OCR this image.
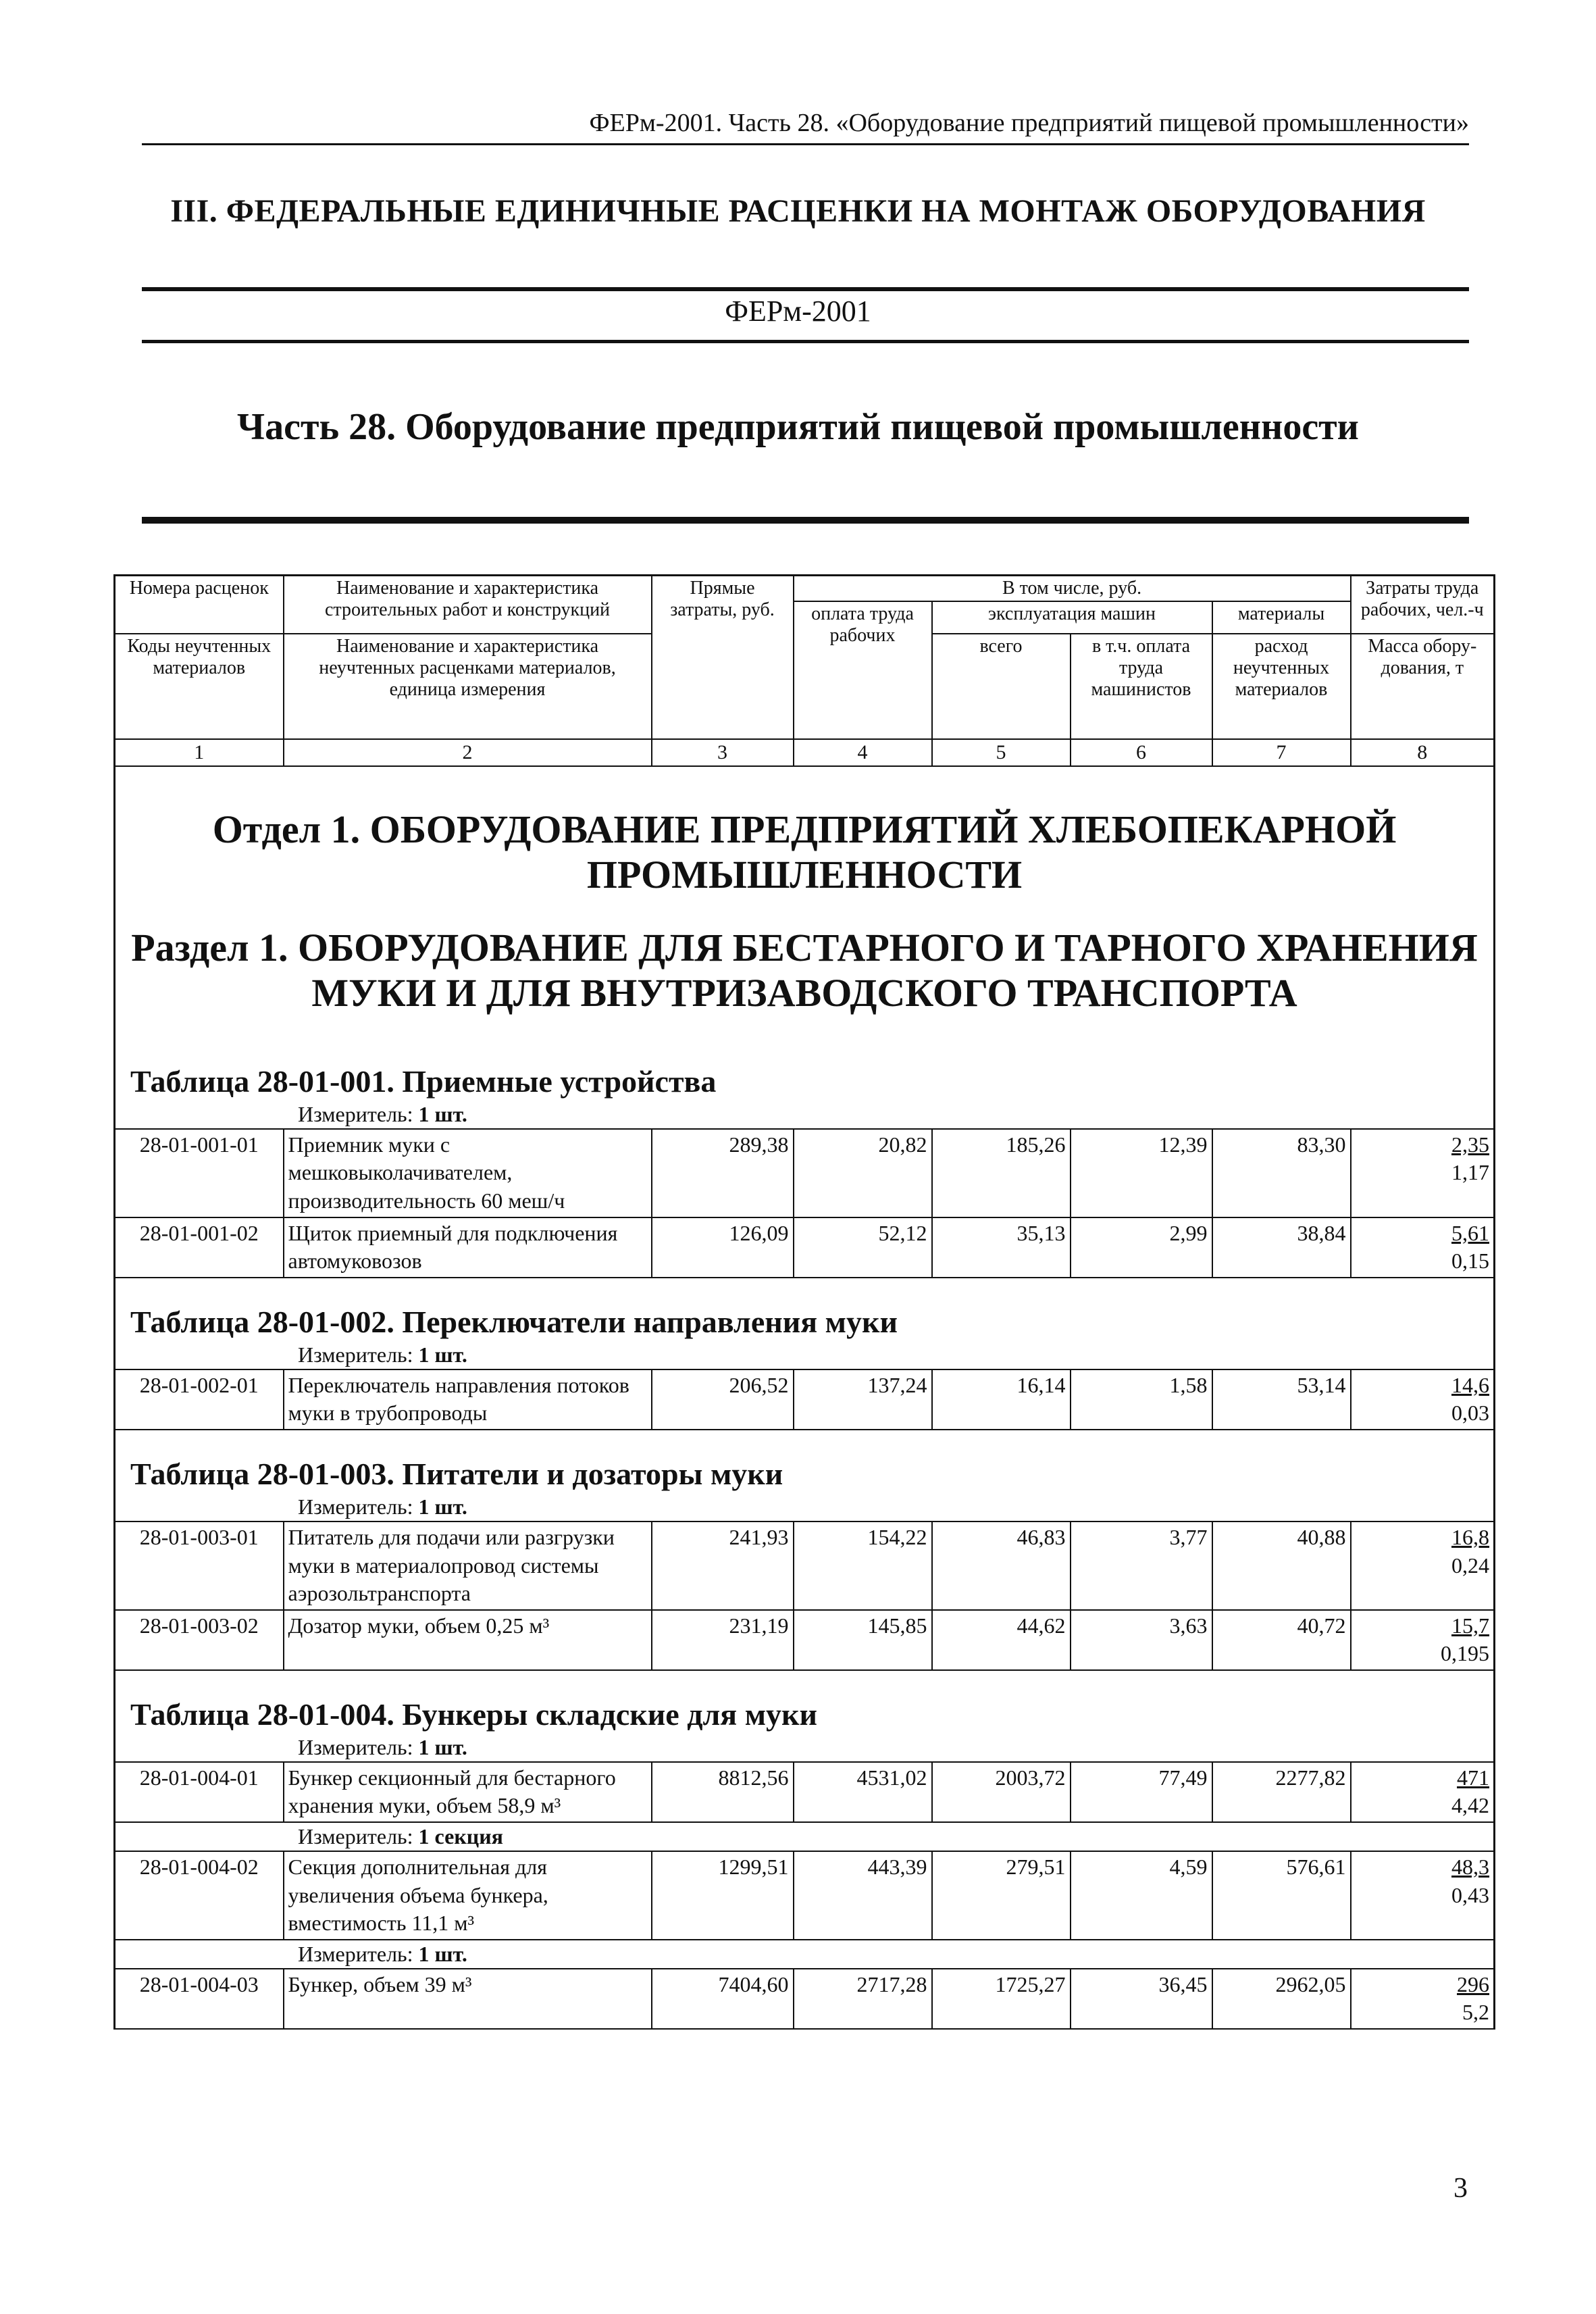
ФЕРм-2001. Часть 28. «Оборудование предприятий пищевой промышленности»
III. ФЕДЕРАЛЬНЫЕ ЕДИНИЧНЫЕ РАСЦЕНКИ НА МОНТАЖ ОБОРУДОВАНИЯ
ФЕРм-2001
Часть 28. Оборудование предприятий пищевой промышленности
Номера расценок	Наименование и характеристика строительных работ и конструкций	Прямые затраты, руб.	В том числе, руб.				Затраты труда рабочих, чел.-ч
			оплата труда рабочих	эксплуатация машин		материалы	
Коды неучтенных материалов	Наименование и характеристика неучтенных расценками материалов, единица измерения			всего	в т.ч. оплата труда машинистов	расход неучтенных материалов	
							Масса обору-дования, т
1	2	3	4	5	6	7	8
Отдел 1. ОБОРУДОВАНИЕ ПРЕДПРИЯТИЙ ХЛЕБОПЕКАРНОЙ ПРОМЫШЛЕННОСТИ							
Раздел 1. ОБОРУДОВАНИЕ ДЛЯ БЕСТАРНОГО И ТАРНОГО ХРАНЕНИЯ МУКИ И ДЛЯ ВНУТРИЗАВОДСКОГО ТРАНСПОРТА							
Таблица 28-01-001. Приемные устройства							
Измеритель: 1 шт.							
28-01-001-01	Приемник муки с мешковыколачивателем, производительность 60 меш/ч	289,38	20,82	185,26	12,39	83,30	2,35
1,17
28-01-001-02	Щиток приемный для подключения автомуковозов	126,09	52,12	35,13	2,99	38,84	5,61
0,15
Таблица 28-01-002. Переключатели направления муки							
Измеритель: 1 шт.							
28-01-002-01	Переключатель направления потоков муки в трубопроводы	206,52	137,24	16,14	1,58	53,14	14,6
0,03
Таблица 28-01-003. Питатели и дозаторы муки							
Измеритель: 1 шт.							
28-01-003-01	Питатель для подачи или разгрузки муки в материалопровод системы аэрозольтранспорта	241,93	154,22	46,83	3,77	40,88	16,8
0,24
28-01-003-02	Дозатор муки, объем 0,25 м³	231,19	145,85	44,62	3,63	40,72	15,7
0,195
Таблица 28-01-004. Бункеры складские для муки							
Измеритель: 1 шт.							
28-01-004-01	Бункер секционный для бестарного хранения муки, объем 58,9 м³	8812,56	4531,02	2003,72	77,49	2277,82	471
4,42
Измеритель: 1 секция							
28-01-004-02	Секция дополнительная для увеличения объема бункера, вместимость 11,1 м³	1299,51	443,39	279,51	4,59	576,61	48,3
0,43
Измеритель: 1 шт.							
28-01-004-03	Бункер, объем 39 м³	7404,60	2717,28	1725,27	36,45	2962,05	296
5,2
3
